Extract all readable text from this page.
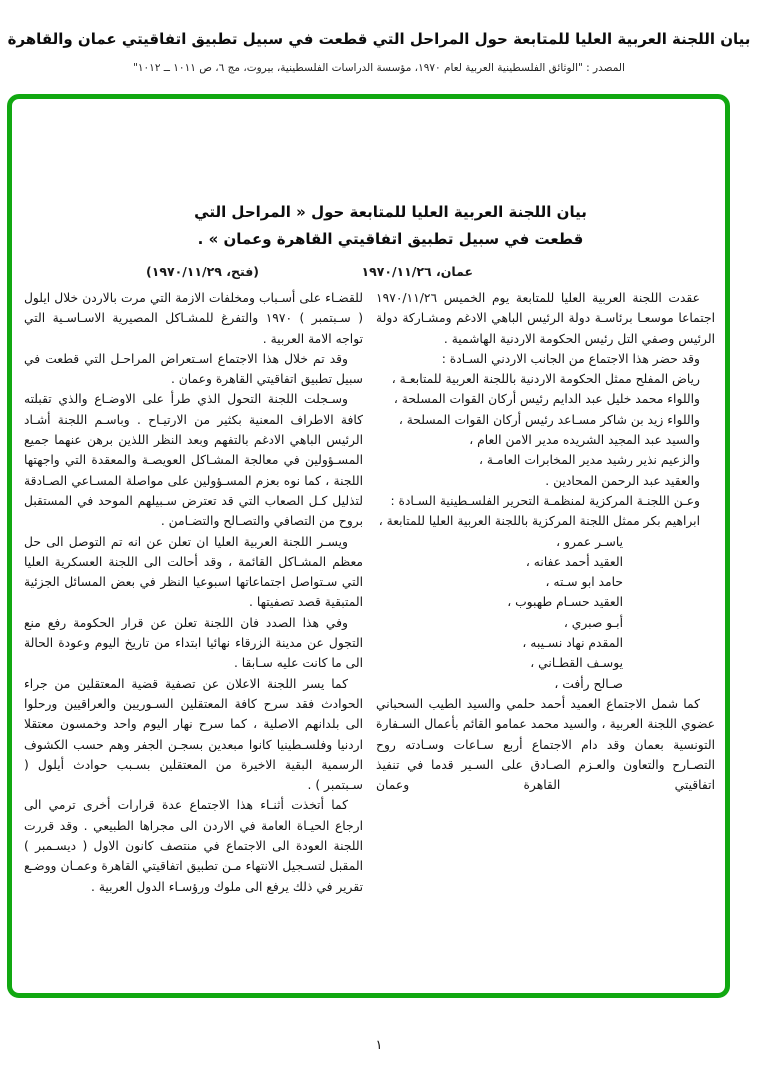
بيان اللجنة العربية العليا للمتابعة حول المراحل التي قطعت في سبيل تطبيق اتفاقيتي عمان والقاهرة
المصدر : "الوثائق الفلسطينية العربية لعام ١٩٧٠، مؤسسة الدراسات الفلسطينية، بيروت، مج ٦، ص ١٠١١ ــ ١٠١٢"
بيان اللجنة العربية العليا للمتابعة حول « المراحل التي
قطعت في سبيل تطبيق اتفاقيتي القاهرة وعمان » .
عمان، ١٩٧٠/١١/٢٦
(فتح، ١٩٧٠/١١/٢٩)

عقدت اللجنة العربية العليا للمتابعة يوم الخميس ١٩٧٠/١١/٢٦ اجتماعا موسعـا برئاسـة دولة الرئيس الباهي الادغم ومشـاركة دولة الرئيس وصفي التل رئيس الحكومة الاردنية الهاشمية .

وقد حضر هذا الاجتماع من الجانب الاردني السـادة :

رياض المفلح ممثل الحكومة الاردنية باللجنة العربية للمتابعـة ،

واللواء محمد خليل عبد الدايم رئيس أركان القوات المسلحة ،

واللواء زيد بن شاكر مسـاعد رئيس أركان القوات المسلحة ،

والسيد عبد المجيد الشريده مدير الامن العام ،

والزعيم نذير رشيد مدير المخابرات العامـة ،

والعقيد عبد الرحمن المحادين .

وعـن اللجنـة المركزية لمنظمـة التحرير الفلسـطينية السـادة :

ابراهيم بكر ممثل اللجنة المركزية باللجنة العربية العليا للمتابعة ،

ياسـر عمرو ،
العقيد أحمد عفانه ،
حامد ابو سـته ،
العقيد حسـام طهبوب ،
أبـو صبري ،
المقدم نهاد نسـيبه ،
يوسـف القطـاني ،
صـالح رأفت ،

كما شمل الاجتماع العميد أحمد حلمي والسيد الطيب السحباني عضوي اللجنة العربية ، والسيد محمد عمامو القائم بأعمال السـفارة التونسية بعمان وقد دام الاجتماع أربع سـاعات وسـادته روح التصـارح والتعاون والعـزم الصـادق على السـير قدما في تنفيذ اتفاقيتي القاهرة وعمان

للقضـاء على أسـباب ومخلفات الازمة التي مرت بالاردن خلال ايلول ( سـبتمبر ) ١٩٧٠ والتفرغ للمشـاكل المصيرية الاسـاسـية التي تواجه الامة العربية .

وقد تم خلال هذا الاجتماع اسـتعراض المراحـل التي قطعت في سبيل تطبيق اتفاقيتي القاهرة وعمان .

وسـجلت اللجنة التحول الذي طرأ على الاوضـاع والذي تقبلته كافة الاطراف المعنية بكثير من الارتيـاح . وباسـم اللجنة أشـاد الرئيس الباهي الادغم بالتفهم وبعد النظر اللذين برهن عنهما جميع المسـؤولين في معالجة المشـاكل العويصـة والمعقدة التي واجهتها اللجنة ، كما نوه بعزم المسـؤولين على مواصلة المسـاعي الصـادقة لتذليل كـل الصعاب التي قد تعترض سـبيلهم الموحد في المستقبل بروح من التصافي والتصـالح والتضـامن .

ويسـر اللجنة العربية العليا ان تعلن عن انه تم التوصل الى حل معظم المشـاكل القائمة ، وقد أحالت الى اللجنة العسكرية العليا التي سـتواصل اجتماعاتها اسبوعيا النظر في بعض المسائل الجزئية المتبقية قصد تصفيتها .

وفي هذا الصدد فان اللجنة تعلن عن قرار الحكومة رفع منع التجول عن مدينة الزرقاء نهائيا ابتداء من تاريخ اليوم وعودة الحالة الى ما كانت عليه سـابقا .

كما يسر اللجنة الاعلان عن تصفية قضية المعتقلين من جراء الحوادث فقد سرح كافة المعتقلين السـوريين والعراقيين ورحلوا الى بلدانهم الاصلية ، كما سرح نهار اليوم واحد وخمسون معتقلا اردنيا وفلسـطينيا كانوا مبعدين بسجـن الجفر وهم حسب الكشوف الرسمية البقية الاخيرة من المعتقلين بسـبب حوادث أيلول ( سـبتمبر ) .

كما أتخذت أثنـاء هذا الاجتماع عدة قرارات أخرى ترمي الى ارجاع الحيـاة العامة في الاردن الى مجراها الطبيعي . وقد قررت اللجنة العودة الى الاجتماع في منتصف كانون الاول ( ديسـمبر ) المقبل لتسـجيل الانتهاء مـن تطبيق اتفاقيتي القاهرة وعمـان ووضـع تقرير في ذلك يرفع الى ملوك ورؤسـاء الدول العربية .

١
